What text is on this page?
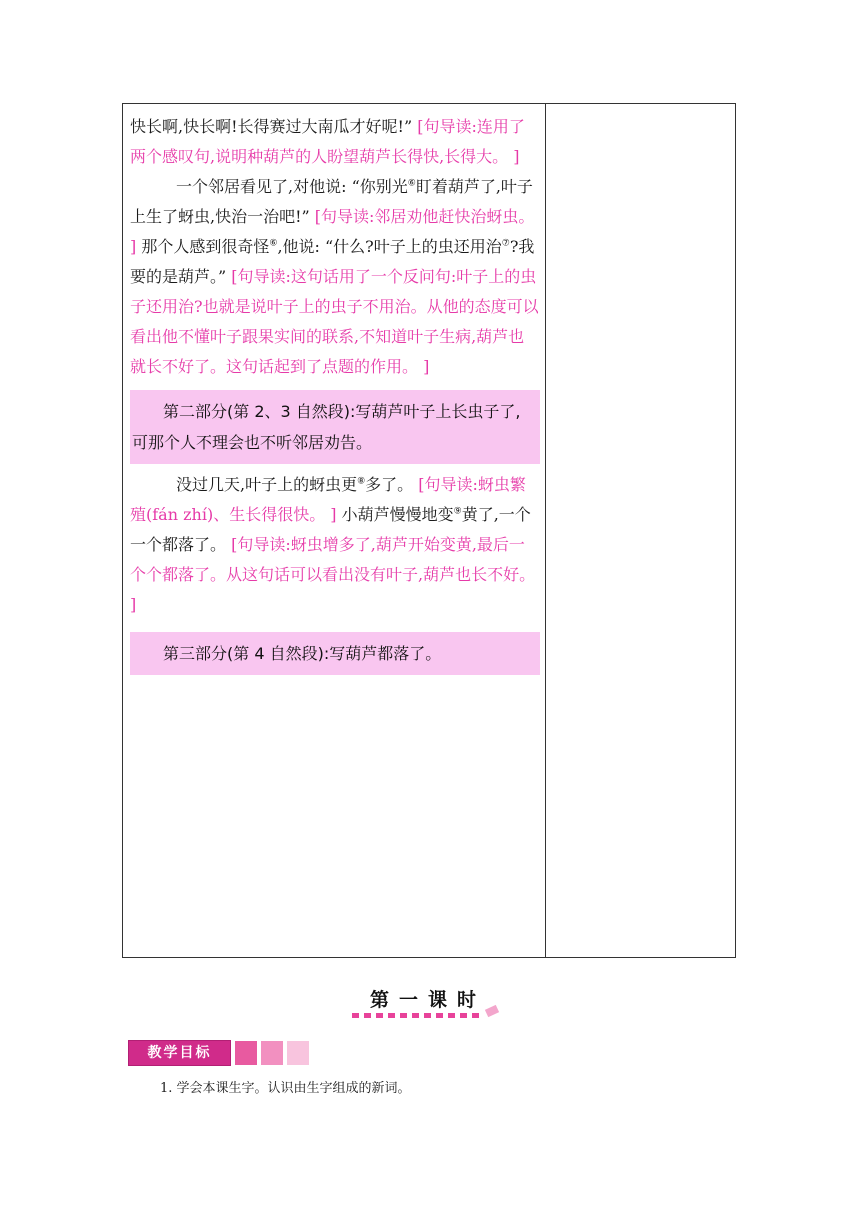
快长啊,快长啊!长得赛过大南瓜才好呢!” [句导读:连用了两个感叹句,说明种葫芦的人盼望葫芦长得快,长得大。 ]

一个邻居看见了,对他说: “你别光⑥盯着葫芦了,叶子上生了蚜虫,快治一治吧!” [句导读:邻居劝他赶快治蚜虫。 ] 那个人感到很奇怪⑥,他说: “什么?叶子上的虫还用治⑦?我要的是葫芦。” [句导读:这句话用了一个反问句:叶子上的虫子还用治?也就是说叶子上的虫子不用治。从他的态度可以看出他不懂叶子跟果实间的联系,不知道叶子生病,葫芦也就长不好了。这句话起到了点题的作用。 ]

第二部分(第 2、3 自然段):写葫芦叶子上长虫子了,可那个人不理会也不听邻居劝告。

没过几天,叶子上的蚜虫更⑧多了。 [句导读:蚜虫繁殖(fán zhí)、生长得很快。 ] 小葫芦慢慢地变⑨黄了,一个一个都落了。 [句导读:蚜虫增多了,葫芦开始变黄,最后一个个都落了。从这句话可以看出没有叶子,葫芦也长不好。 ]

第三部分(第 4 自然段):写葫芦都落了。
第一课时
教学目标
1. 学会本课生字。认识由生字组成的新词。
